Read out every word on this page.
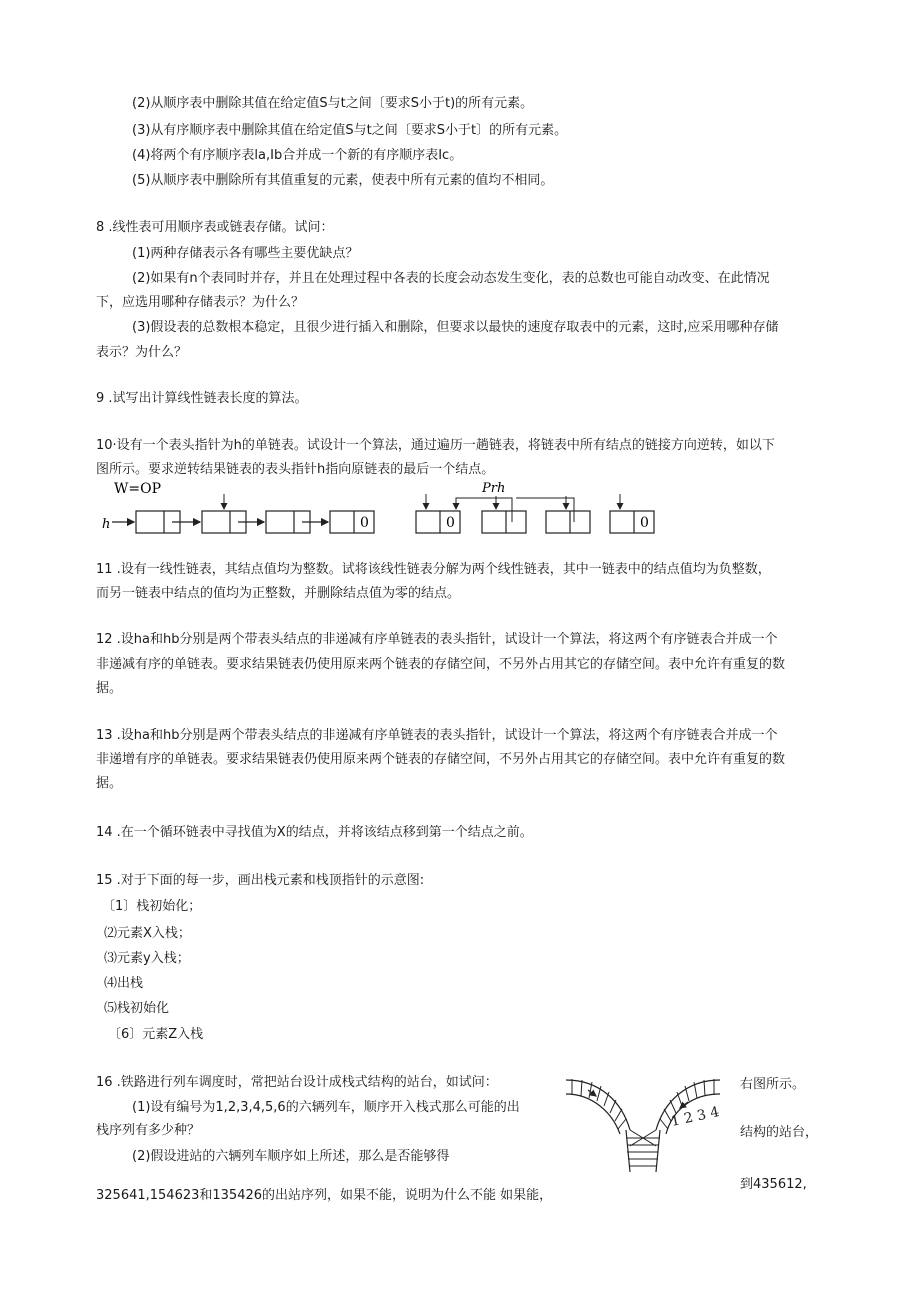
(2)从顺序表中删除其值在给定值S与t之间〔要求S小于t)的所有元素。
(3)从有序顺序表中删除其值在给定值S与t之间〔要求S小于t〕的所有元素。
(4)将两个有序顺序表la,Ib合并成一个新的有序顺序表Ic。
(5)从顺序表中删除所有其值重复的元素，使表中所有元素的值均不相同。
8 .线性表可用顺序表或链表存储。试问：
(1)两种存储表示各有哪些主要优缺点？
(2)如果有n个表同时并存，并且在处理过程中各表的长度会动态发生变化，表的总数也可能自动改变、在此情况
下，应选用哪种存储表示？为什么？
(3)假设表的总数根本稳定，且很少进行插入和删除，但要求以最快的速度存取表中的元素，这时,应采用哪种存储
表示？为什么？
9 .试写出计算线性链表长度的算法。
10·设有一个表头指针为h的单链表。试设计一个算法，通过遍历一趟链表，将链表中所有结点的链接方向逆转，如以下
图所示。要求逆转结果链表的表头指针h指向原链表的最后一个结点。
W=OP
h	0
Prh
0	0
11 .设有一线性链表，其结点值均为整数。试将该线性链表分解为两个线性链表，其中一链表中的结点值均为负整数，
而另一链表中结点的值均为正整数，并删除结点值为零的结点。
12 .设ha和hb分别是两个带表头结点的非递减有序单链表的表头指针，试设计一个算法，将这两个有序链表合并成一个
非递减有序的单链表。要求结果链表仍使用原来两个链表的存储空间，不另外占用其它的存储空间。表中允许有重复的数
据。
13 .设ha和hb分别是两个带表头结点的非递减有序单链表的表头指针，试设计一个算法，将这两个有序链表合并成一个
非递增有序的单链表。要求结果链表仍使用原来两个链表的存储空间，不另外占用其它的存储空间。表中允许有重复的数
据。
14 .在一个循环链表中寻找值为X的结点，并将该结点移到第一个结点之前。
15 .对于下面的每一步，画出栈元素和栈顶指针的示意图:
〔1〕栈初始化；
⑵元素X入栈；
⑶元素y入栈；
⑷出栈
⑸栈初始化
〔6〕元素Z入栈
16 .铁路进行列车调度时，常把站台设计成栈式结构的站台，如试问：	右图所示。
(1)设有编号为1,2,3,4,5,6的六辆列车，顺序开入栈式那么可能的出
结构的站台，
栈序列有多少种？
(2)假设进站的六辆列车顺序如上所述，那么是否能够得
到435612,
325641,154623和135426的出站序列，如果不能，说明为什么不能 如果能，
1 2 3 4
